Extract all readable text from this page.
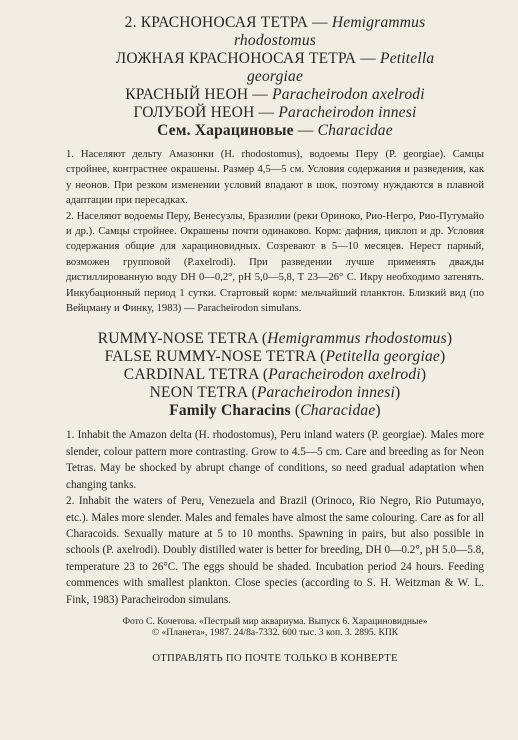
2. КРАСНОНОСАЯ ТЕТРА — Hemigrammus
rhodostomus
ЛОЖНАЯ КРАСНОНОСАЯ ТЕТРА — Petitella
georgiae
КРАСНЫЙ НЕОН — Paracheirodon axelrodi
ГОЛУБОЙ НЕОН — Paracheirodon innesi
Сем. Харациновые — Characidae

1. Населяют дельту Амазонки (H. rhodostomus), водоемы Перу (P. georgiae). Самцы стройнее, контрастнее окрашены. Размер 4,5—5 см. Условия содержания и разведения, как у неонов. При резком изменении условий впадают в шок, поэтому нуждаются в плавной адаптации при пересадках.

2. Населяют водоемы Перу, Венесуэлы, Бразилии (реки Ориноко, Рио-Негро, Рио-Путумайо и др.). Самцы стройнее. Окрашены почти одинаково. Корм: дафния, циклоп и др. Условия содержания общие для харациновидных. Созревают в 5—10 месяцев. Нерест парный, возможен групповой (P.axelrodi). При разведении лучше применять дважды дистиллированную воду DH 0—0,2°, pH 5,0—5,8, T 23—26° C. Икру необходимо затенять. Инкубационный период 1 сутки. Стартовый корм: мельчайший планктон. Близкий вид (по Вейцману и Финку, 1983) — Paracheirodon simulans.

RUMMY-NOSE TETRA (Hemigrammus rhodostomus)
FALSE RUMMY-NOSE TETRA (Petitella georgiae)
CARDINAL TETRA (Paracheirodon axelrodi)
NEON TETRA (Paracheirodon innesi)
Family Characins (Characidae)

1. Inhabit the Amazon delta (H. rhodostomus), Peru inland waters (P. georgiae). Males more slender, colour pattern more contrasting. Grow to 4.5—5 cm. Care and breeding as for Neon Tetras. May be shocked by abrupt change of conditions, so need gradual adaptation when changing tanks.

2. Inhabit the waters of Peru, Venezuela and Brazil (Orinoco, Rio Negro, Rio Putumayo, etc.). Males more slender. Males and females have almost the same colouring. Care as for all Characoids. Sexually mature at 5 to 10 months. Spawning in pairs, but also possible in schools (P. axelrodi). Doubly distilled water is better for breeding, DH 0—0.2°, pH 5.0—5.8, temperature 23 to 26°C. The eggs should be shaded. Incubation period 24 hours. Feeding commences with smallest plankton. Close species (according to S. H. Weitzman & W. L. Fink, 1983) Paracheirodon simulans.

Фото С. Кочетова. «Пестрый мир аквариума. Выпуск 6. Харациновидные»
© «Планета», 1987. 24/8а-7332. 600 тыс. 3 коп. 3. 2895. КПК
ОТПРАВЛЯТЬ ПО ПОЧТЕ ТОЛЬКО В КОНВЕРТЕ
